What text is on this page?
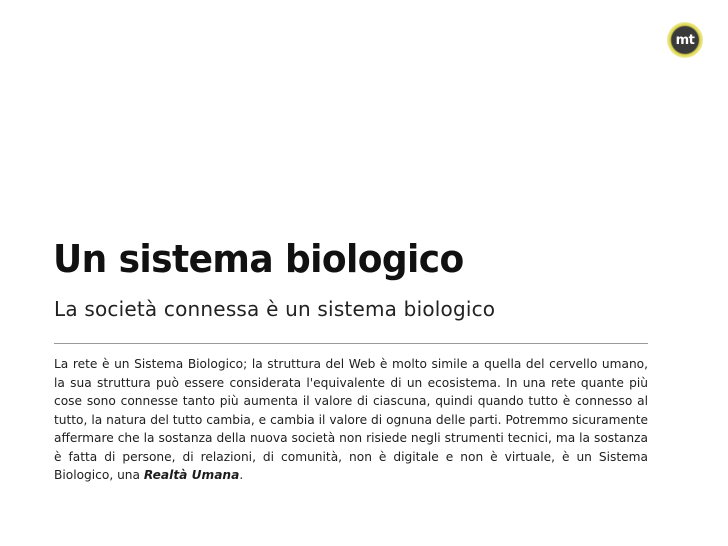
mt
Un sistema biologico
La società connessa è un sistema biologico

La rete è un Sistema Biologico; la struttura del Web è molto simile a quella del cervello umano, la sua struttura può essere considerata l'equivalente di un ecosistema. In una rete quante più cose sono connesse tanto più aumenta il valore di ciascuna, quindi quando tutto è connesso al tutto, la natura del tutto cambia, e cambia il valore di ognuna delle parti. Potremmo sicuramente affermare che la sostanza della nuova società non risiede negli strumenti tecnici, ma la sostanza è fatta di persone, di relazioni, di comunità, non è digitale e non è virtuale, è un Sistema Biologico, una Realtà Umana.
